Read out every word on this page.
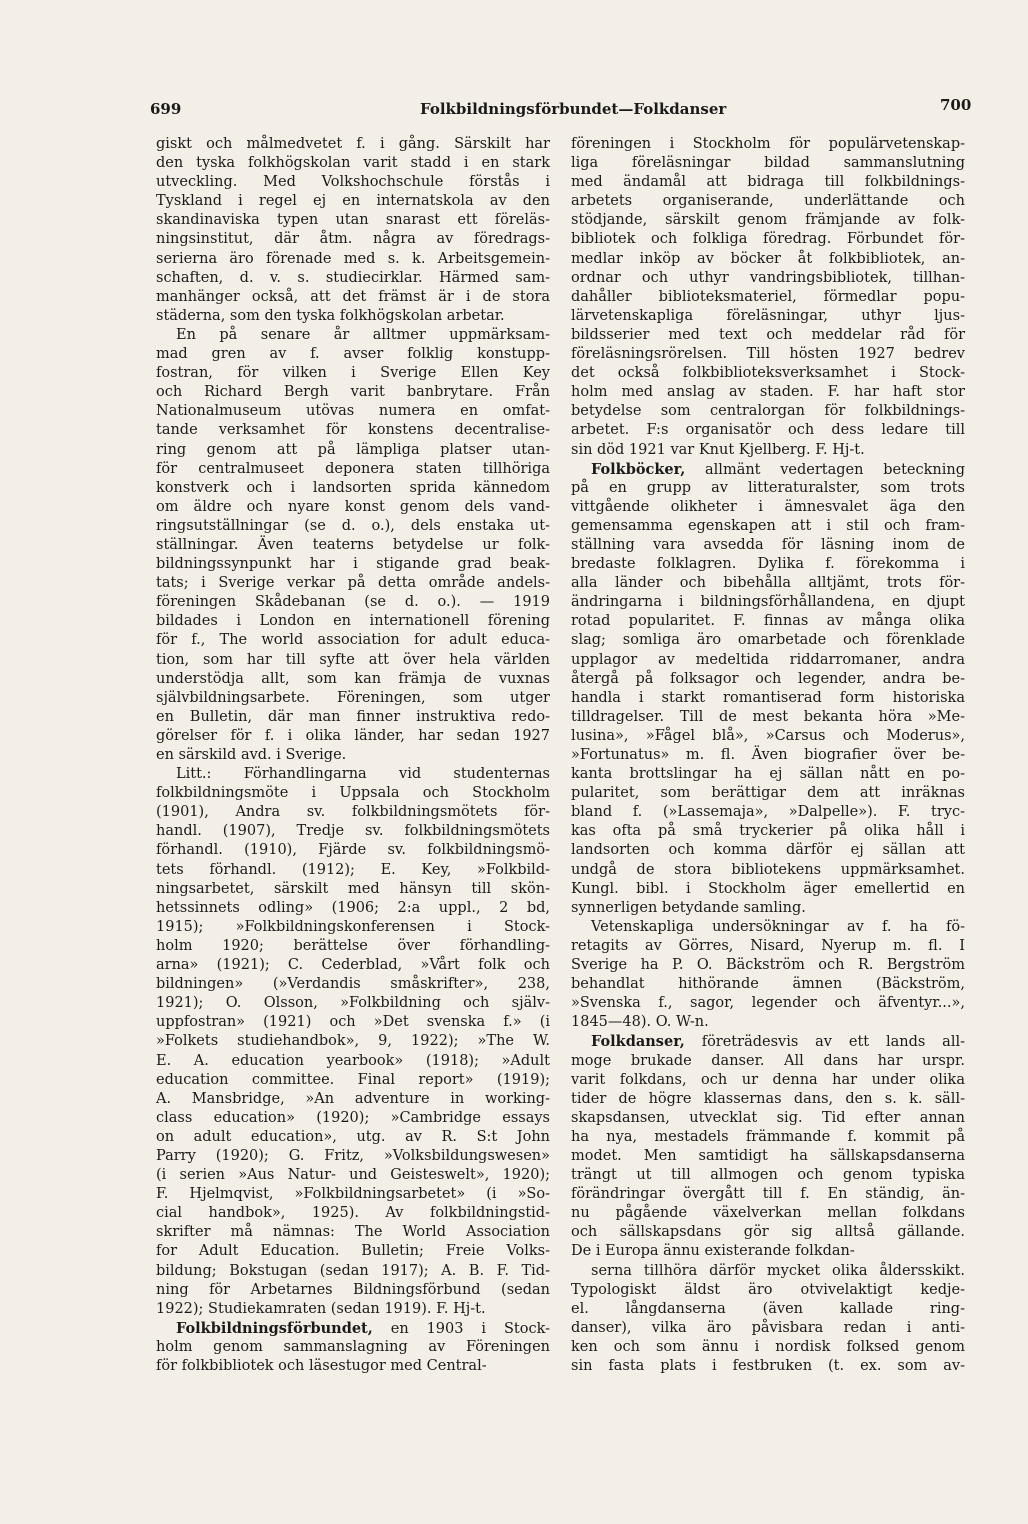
699	Folkbildningsförbundet—Folkdanser	700
giskt och målmedvetet f. i gång. Särskilt har
den tyska folkhögskolan varit stadd i en stark
utveckling. Med Volkshochschule förstås i
Tyskland i regel ej en internatskola av den
skandinaviska typen utan snarast ett föreläs-
ningsinstitut, där åtm. några av föredrags-
serierna äro förenade med s. k. Arbeitsgemein-
schaften, d. v. s. studiecirklar. Härmed sam-
manhänger också, att det främst är i de stora
städerna, som den tyska folkhögskolan arbetar.
En på senare år alltmer uppmärksam-
mad gren av f. avser folklig konstupp-
fostran, för vilken i Sverige Ellen Key
och Richard Bergh varit banbrytare. Från
Nationalmuseum utövas numera en omfat-
tande verksamhet för konstens decentralise-
ring genom att på lämpliga platser utan-
för centralmuseet deponera staten tillhöriga
konstverk och i landsorten sprida kännedom
om äldre och nyare konst genom dels vand-
ringsutställningar (se d. o.), dels enstaka ut-
ställningar. Även teaterns betydelse ur folk-
bildningssynpunkt har i stigande grad beak-
tats; i Sverige verkar på detta område andels-
föreningen Skådebanan (se d. o.). — 1919
bildades i London en internationell förening
för f., The world association for adult educa-
tion, som har till syfte att över hela världen
understödja allt, som kan främja de vuxnas
självbildningsarbete. Föreningen, som utger
en Bulletin, där man finner instruktiva redo-
görelser för f. i olika länder, har sedan 1927
en särskild avd. i Sverige.
Litt.: Förhandlingarna vid studenternas
folkbildningsmöte i Uppsala och Stockholm
(1901), Andra sv. folkbildningsmötets för-
handl. (1907), Tredje sv. folkbildningsmötets
förhandl. (1910), Fjärde sv. folkbildningsmö-
tets förhandl. (1912); E. Key, »Folkbild-
ningsarbetet, särskilt med hänsyn till skön-
hetssinnets odling» (1906; 2:a uppl., 2 bd,
1915); »Folkbildningskonferensen i Stock-
holm 1920; berättelse över förhandling-
arna» (1921); C. Cederblad, »Vårt folk och
bildningen» (»Verdandis småskrifter», 238,
1921); O. Olsson, »Folkbildning och själv-
uppfostran» (1921) och »Det svenska f.» (i
»Folkets studiehandbok», 9, 1922); »The W.
E. A. education yearbook» (1918); »Adult
education committee. Final report» (1919);
A. Mansbridge, »An adventure in working-
class education» (1920); »Cambridge essays
on adult education», utg. av R. S:t John
Parry (1920); G. Fritz, »Volksbildungswesen»
(i serien »Aus Natur- und Geisteswelt», 1920);
F. Hjelmqvist, »Folkbildningsarbetet» (i »So-
cial handbok», 1925). Av folkbildningstid-
skrifter må nämnas: The World Association
for Adult Education. Bulletin; Freie Volks-
bildung; Bokstugan (sedan 1917); A. B. F. Tid-
ning för Arbetarnes Bildningsförbund (sedan
1922); Studiekamraten (sedan 1919). F. Hj-t.
Folkbildningsförbundet, en 1903 i Stock-
holm genom sammanslagning av Föreningen
för folkbibliotek och läsestugor med Central-
föreningen i Stockholm för populärvetenskap-
liga föreläsningar bildad sammanslutning
med ändamål att bidraga till folkbildnings-
arbetets organiserande, underlättande och
stödjande, särskilt genom främjande av folk-
bibliotek och folkliga föredrag. Förbundet för-
medlar inköp av böcker åt folkbibliotek, an-
ordnar och uthyr vandringsbibliotek, tillhan-
dahåller biblioteksmateriel, förmedlar popu-
lärvetenskapliga föreläsningar, uthyr ljus-
bildsserier med text och meddelar råd för
föreläsningsrörelsen. Till hösten 1927 bedrev
det också folkbiblioteksverksamhet i Stock-
holm med anslag av staden. F. har haft stor
betydelse som centralorgan för folkbildnings-
arbetet. F:s organisatör och dess ledare till
sin död 1921 var Knut Kjellberg. F. Hj-t.
Folkböcker, allmänt vedertagen beteckning
på en grupp av litteraturalster, som trots
vittgående olikheter i ämnesvalet äga den
gemensamma egenskapen att i stil och fram-
ställning vara avsedda för läsning inom de
bredaste folklagren. Dylika f. förekomma i
alla länder och bibehålla alltjämt, trots för-
ändringarna i bildningsförhållandena, en djupt
rotad popularitet. F. finnas av många olika
slag; somliga äro omarbetade och förenklade
upplagor av medeltida riddarromaner, andra
återgå på folksagor och legender, andra be-
handla i starkt romantiserad form historiska
tilldragelser. Till de mest bekanta höra »Me-
lusina», »Fågel blå», »Carsus och Moderus»,
»Fortunatus» m. fl. Även biografier över be-
kanta brottslingar ha ej sällan nått en po-
pularitet, som berättigar dem att inräknas
bland f. (»Lassemaja», »Dalpelle»). F. tryc-
kas ofta på små tryckerier på olika håll i
landsorten och komma därför ej sällan att
undgå de stora bibliotekens uppmärksamhet.
Kungl. bibl. i Stockholm äger emellertid en
synnerligen betydande samling.
Vetenskapliga undersökningar av f. ha fö-
retagits av Görres, Nisard, Nyerup m. fl. I
Sverige ha P. O. Bäckström och R. Bergström
behandlat hithörande ämnen (Bäckström,
»Svenska f., sagor, legender och äfventyr...»,
1845—48). O. W-n.
Folkdanser, företrädesvis av ett lands all-
moge brukade danser. All dans har urspr.
varit folkdans, och ur denna har under olika
tider de högre klassernas dans, den s. k. säll-
skapsdansen, utvecklat sig. Tid efter annan
ha nya, mestadels främmande f. kommit på
modet. Men samtidigt ha sällskapsdanserna
trängt ut till allmogen och genom typiska
förändringar övergått till f. En ständig, än-
nu pågående växelverkan mellan folkdans
och sällskapsdans gör sig alltså gällande.
De i Europa ännu existerande folkdan-
serna tillhöra därför mycket olika åldersskikt.
Typologiskt äldst äro otvivelaktigt kedje-
el. långdanserna (även kallade ring-
danser), vilka äro påvisbara redan i anti-
ken och som ännu i nordisk folksed genom
sin fasta plats i festbruken (t. ex. som av-
